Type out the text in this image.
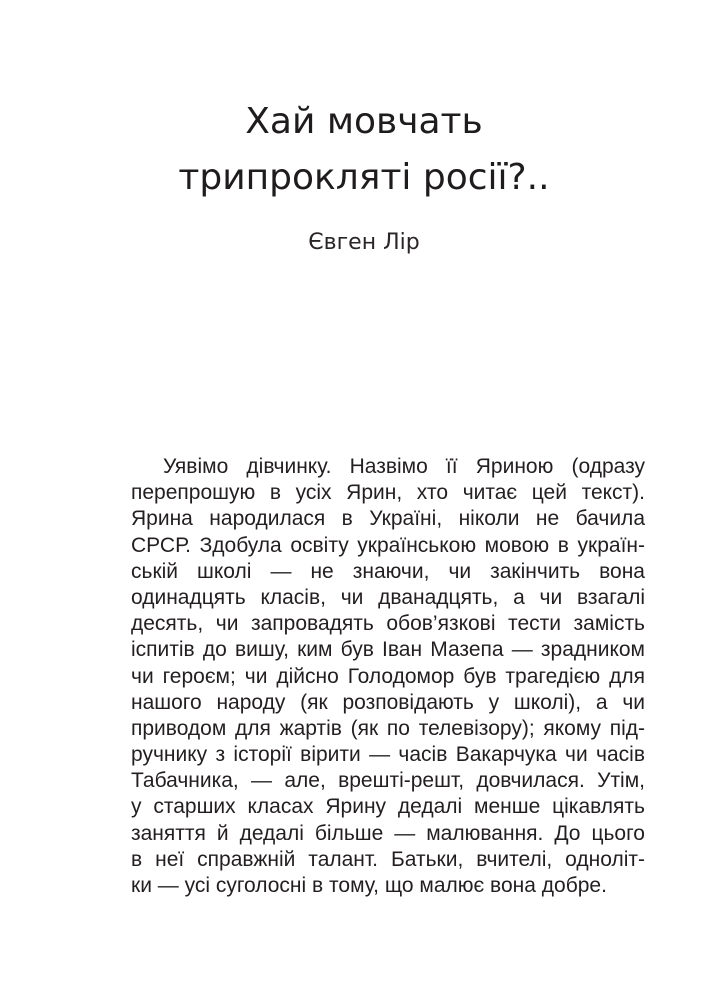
Хай мовчать
трипрокляті росії?..
Євген Лір
Уявімо дівчинку. Назвімо її Яриною (одразу
перепрошую в усіх Ярин, хто читає цей текст).
Ярина народилася в Україні, ніколи не бачила
СРСР. Здобула освіту українською мовою в україн-
ській школі — не знаючи, чи закінчить вона
одинадцять класів, чи дванадцять, а чи взагалі
десять, чи запровадять обов’язкові тести замість
іспитів до вишу, ким був Іван Мазепа — зрадником
чи героєм; чи дійсно Голодомор був трагедією для
нашого народу (як розповідають у школі), а чи
приводом для жартів (як по телевізору); якому під-
ручнику з історії вірити — часів Вакарчука чи часів
Табачника, — але, врешті-решт, довчилася. Утім,
у старших класах Ярину дедалі менше цікавлять
заняття й дедалі більше — малювання. До цього
в неї справжній талант. Батьки, вчителі, одноліт-
ки — усі суголосні в тому, що малює вона добре.
